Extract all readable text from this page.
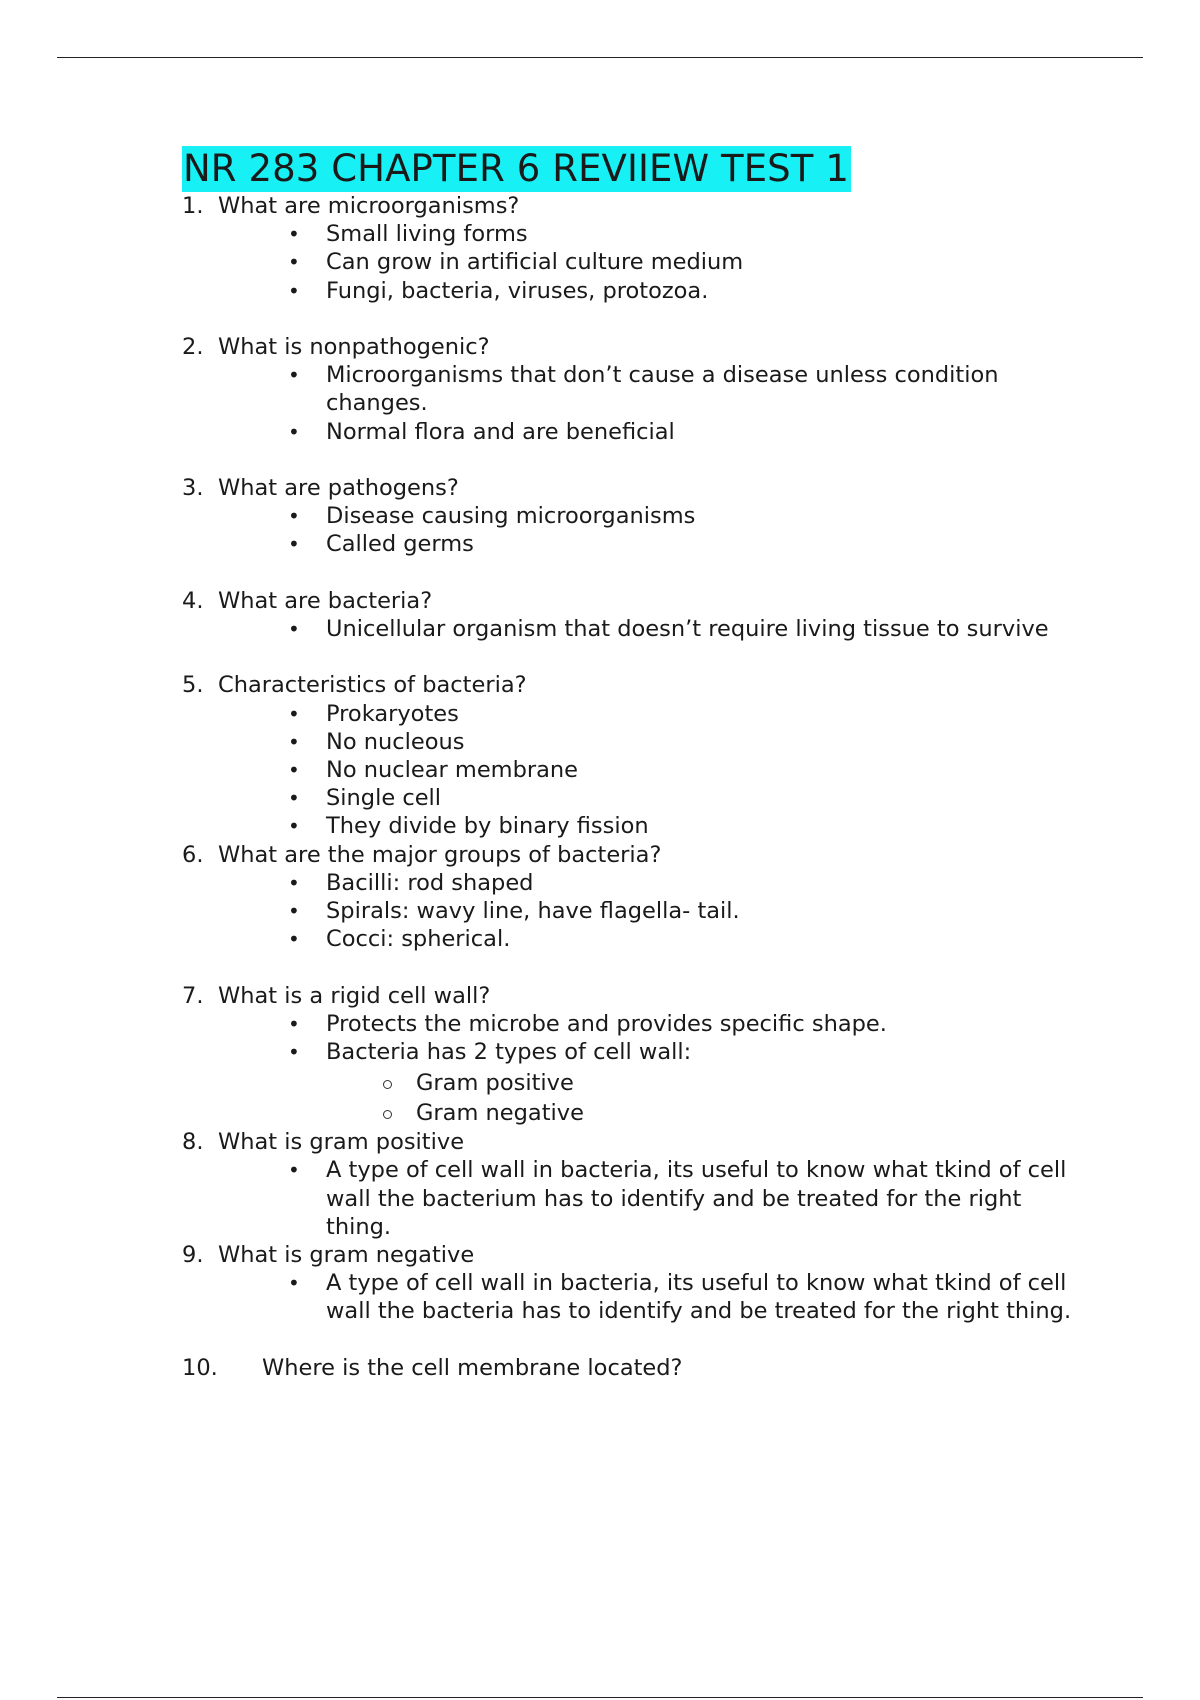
NR 283 CHAPTER 6 REVIIEW TEST 1
1. What are microorganisms?
• Small living forms
• Can grow in artificial culture medium
• Fungi, bacteria, viruses, protozoa.
2. What is nonpathogenic?
• Microorganisms that don’t cause a disease unless condition changes.
• Normal flora and are beneficial
3. What are pathogens?
• Disease causing microorganisms
• Called germs
4. What are bacteria?
• Unicellular organism that doesn’t require living tissue to survive
5. Characteristics of bacteria?
• Prokaryotes
• No nucleous
• No nuclear membrane
• Single cell
• They divide by binary fission
6. What are the major groups of bacteria?
• Bacilli: rod shaped
• Spirals: wavy line, have flagella- tail.
• Cocci: spherical.
7. What is a rigid cell wall?
• Protects the microbe and provides specific shape.
• Bacteria has 2 types of cell wall:
Gram positive
Gram negative
8. What is gram positive
• A type of cell wall in bacteria, its useful to know what tkind of cell wall the bacterium has to identify and be treated for the right thing.
9. What is gram negative
• A type of cell wall in bacteria, its useful to know what tkind of cell wall the bacteria has to identify and be treated for the right thing.
10.	Where is the cell membrane located?
